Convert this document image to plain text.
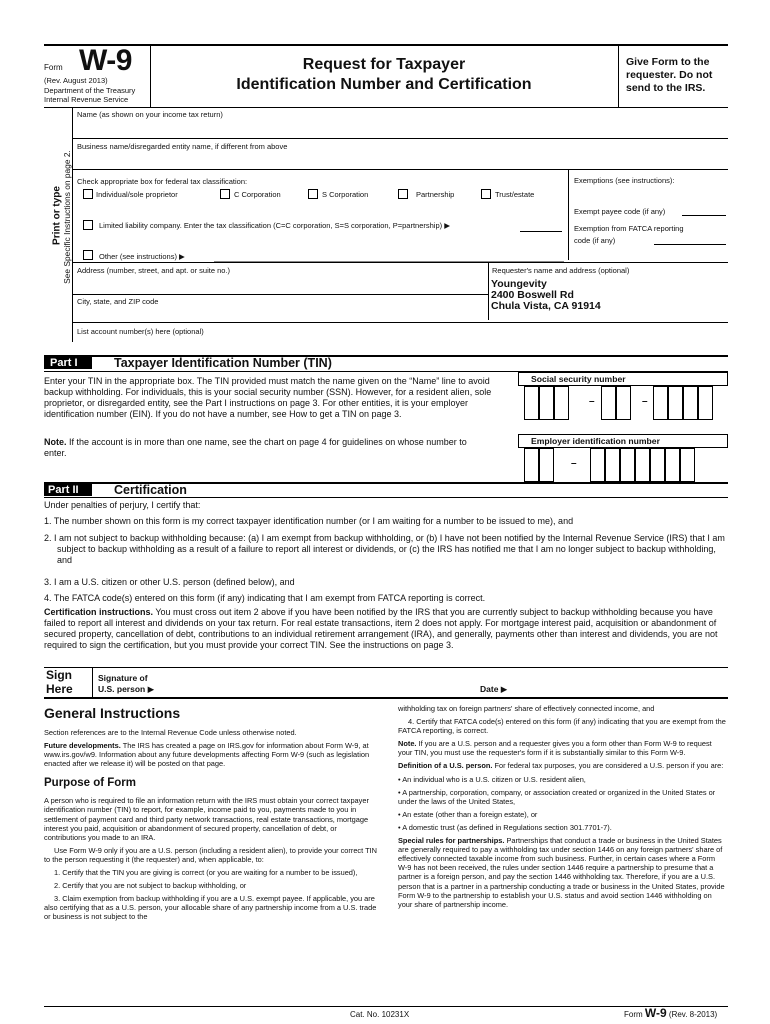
Form W-9
(Rev. August 2013)
Department of the Treasury
Internal Revenue Service
Request for Taxpayer
Identification Number and Certification
Give Form to the requester. Do not send to the IRS.
Print or type See Specific Instructions on page 2.
Name (as shown on your income tax return)
Business name/disregarded entity name, if different from above
Check appropriate box for federal tax classification:
Individual/sole proprietor	C Corporation	S Corporation	Partnership	Trust/estate
Limited liability company. Enter the tax classification (C=C corporation, S=S corporation, P=partnership) ▶
Other (see instructions) ▶
Exemptions (see instructions):
Exempt payee code (if any)
Exemption from FATCA reporting
code (if any)
Address (number, street, and apt. or suite no.)	Requester's name and address (optional)
Youngevity
2400 Boswell Rd
Chula Vista, CA 91914
City, state, and ZIP code
List account number(s) here (optional)
Part I	Taxpayer Identification Number (TIN)
Enter your TIN in the appropriate box. The TIN provided must match the name given on the “Name” line to avoid backup withholding. For individuals, this is your social security number (SSN). However, for a resident alien, sole proprietor, or disregarded entity, see the Part I instructions on page 3. For other entities, it is your employer identification number (EIN). If you do not have a number, see How to get a TIN on page 3.
Note. If the account is in more than one name, see the chart on page 4 for guidelines on whose number to enter.
Social security number
–	–
Employer identification number
–
Part II	Certification
Under penalties of perjury, I certify that:
1. The number shown on this form is my correct taxpayer identification number (or I am waiting for a number to be issued to me), and
2. I am not subject to backup withholding because: (a) I am exempt from backup withholding, or (b) I have not been notified by the Internal Revenue Service (IRS) that I am subject to backup withholding as a result of a failure to report all interest or dividends, or (c) the IRS has notified me that I am no longer subject to backup withholding, and
3. I am a U.S. citizen or other U.S. person (defined below), and
4. The FATCA code(s) entered on this form (if any) indicating that I am exempt from FATCA reporting is correct.
Certification instructions. You must cross out item 2 above if you have been notified by the IRS that you are currently subject to backup withholding because you have failed to report all interest and dividends on your tax return. For real estate transactions, item 2 does not apply. For mortgage interest paid, acquisition or abandonment of secured property, cancellation of debt, contributions to an individual retirement arrangement (IRA), and generally, payments other than interest and dividends, you are not required to sign the certification, but you must provide your correct TIN. See the instructions on page 3.
Sign
Here
Signature of
U.S. person ▶	Date ▶
General Instructions

Section references are to the Internal Revenue Code unless otherwise noted.

Future developments. The IRS has created a page on IRS.gov for information about Form W-9, at www.irs.gov/w9. Information about any future developments affecting Form W-9 (such as legislation enacted after we release it) will be posted on that page.

Purpose of Form

A person who is required to file an information return with the IRS must obtain your correct taxpayer identification number (TIN) to report, for example, income paid to you, payments made to you in settlement of payment card and third party network transactions, real estate transactions, mortgage interest you paid, acquisition or abandonment of secured property, cancellation of debt, or contributions you made to an IRA.

Use Form W-9 only if you are a U.S. person (including a resident alien), to provide your correct TIN to the person requesting it (the requester) and, when applicable, to:

1. Certify that the TIN you are giving is correct (or you are waiting for a number to be issued),

2. Certify that you are not subject to backup withholding, or

3. Claim exemption from backup withholding if you are a U.S. exempt payee. If applicable, you are also certifying that as a U.S. person, your allocable share of any partnership income from a U.S. trade or business is not subject to the

withholding tax on foreign partners' share of effectively connected income, and

4. Certify that FATCA code(s) entered on this form (if any) indicating that you are exempt from the FATCA reporting, is correct.

Note. If you are a U.S. person and a requester gives you a form other than Form W-9 to request your TIN, you must use the requester's form if it is substantially similar to this Form W-9.

Definition of a U.S. person. For federal tax purposes, you are considered a U.S. person if you are:

• An individual who is a U.S. citizen or U.S. resident alien,

• A partnership, corporation, company, or association created or organized in the United States or under the laws of the United States,

• An estate (other than a foreign estate), or

• A domestic trust (as defined in Regulations section 301.7701-7).

Special rules for partnerships. Partnerships that conduct a trade or business in the United States are generally required to pay a withholding tax under section 1446 on any foreign partners' share of effectively connected taxable income from such business. Further, in certain cases where a Form W-9 has not been received, the rules under section 1446 require a partnership to presume that a partner is a foreign person, and pay the section 1446 withholding tax. Therefore, if you are a U.S. person that is a partner in a partnership conducting a trade or business in the United States, provide Form W-9 to the partnership to establish your U.S. status and avoid section 1446 withholding on your share of partnership income.

Cat. No. 10231X	Form W-9 (Rev. 8-2013)
